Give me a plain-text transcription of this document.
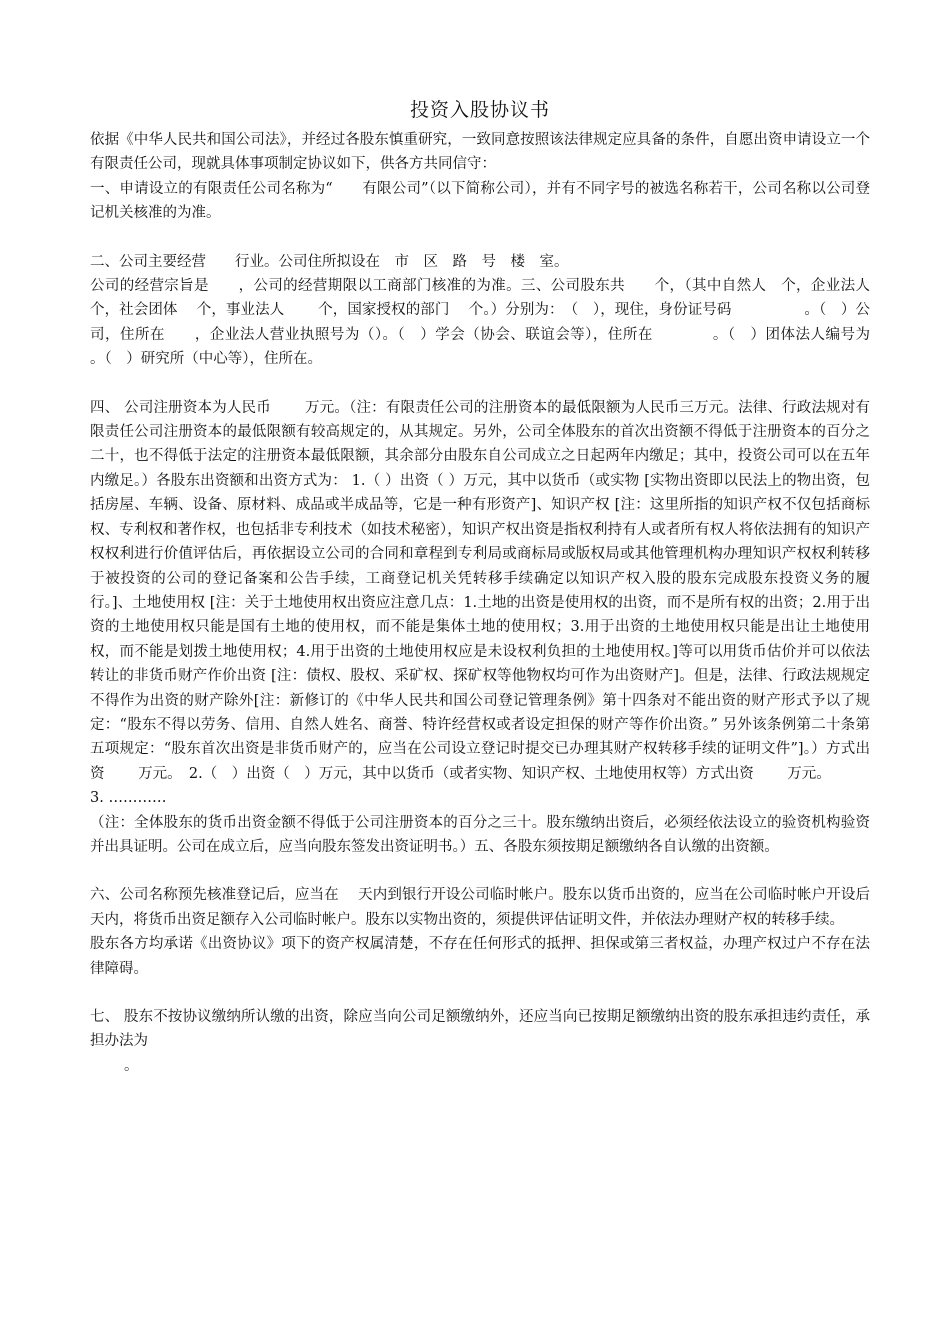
投资入股协议书

依据《中华人民共和国公司法》，并经过各股东慎重研究，一致同意按照该法律规定应具备的条件，自愿出资申请设立一个有限责任公司，现就具体事项制定协议如下，供各方共同信守：

一、申请设立的有限责任公司名称为“　　有限公司”（以下简称公司），并有不同字号的被选名称若干，公司名称以公司登记机关核准的为准。

二、公司主要经营　　行业。公司住所拟设在　市　区　路　号　楼　室。

公司的经营宗旨是　　，公司的经营期限以工商部门核准的为准。三、公司股东共　　个，（其中自然人　个，企业法人　 个，社会团体　 个，事业法人　　 个，国家授权的部门　 个。）分别为：　（　），现住，身份证号码　　　　　。（　）公司，住所在　　，企业法人营业执照号为（）。（　）学会（协会、联谊会等），住所在　　　　。（　）团体法人编号为　　　　　。（　）研究所（中心等），住所在。

四、 公司注册资本为人民币　　 万元。（注：有限责任公司的注册资本的最低限额为人民币三万元。法律、行政法规对有限责任公司注册资本的最低限额有较高规定的，从其规定。另外，公司全体股东的首次出资额不得低于注册资本的百分之二十，也不得低于法定的注册资本最低限额，其余部分由股东自公司成立之日起两年内缴足；其中，投资公司可以在五年内缴足。）各股东出资额和出资方式为： 1.（ ）出资（ ）万元，其中以货币（或实物 [实物出资即以民法上的物出资，包括房屋、车辆、设备、原材料、成品或半成品等，它是一种有形资产]、知识产权 [注：这里所指的知识产权不仅包括商标权、专利权和著作权，也包括非专利技术（如技术秘密），知识产权出资是指权利持有人或者所有权人将依法拥有的知识产权权利进行价值评估后，再依据设立公司的合同和章程到专利局或商标局或版权局或其他管理机构办理知识产权权利转移于被投资的公司的登记备案和公告手续，工商登记机关凭转移手续确定以知识产权入股的股东完成股东投资义务的履行。]、土地使用权 [注：关于土地使用权出资应注意几点：1.土地的出资是使用权的出资，而不是所有权的出资；2.用于出资的土地使用权只能是国有土地的使用权，而不能是集体土地的使用权；3.用于出资的土地使用权只能是出让土地使用权，而不能是划拨土地使用权；4.用于出资的土地使用权应是未设权利负担的土地使用权。]等可以用货币估价并可以依法转让的非货币财产作价出资 [注：债权、股权、采矿权、探矿权等他物权均可作为出资财产]。但是，法律、行政法规规定不得作为出资的财产除外[注：新修订的《中华人民共和国公司登记管理条例》第十四条对不能出资的财产形式予以了规定：“股东不得以劳务、信用、自然人姓名、商誉、特许经营权或者设定担保的财产等作价出资。” 另外该条例第二十条第五项规定：“股东首次出资是非货币财产的，应当在公司设立登记时提交已办理其财产权转移手续的证明文件”]。）方式出资　　 万元。　2.（　）出资（　）万元，其中以货币（或者实物、知识产权、土地使用权等）方式出资　　 万元。

3. …………

（注：全体股东的货币出资金额不得低于公司注册资本的百分之三十。股东缴纳出资后，必须经依法设立的验资机构验资并出具证明。公司在成立后，应当向股东签发出资证明书。）五、各股东须按期足额缴纳各自认缴的出资额。

六、公司名称预先核准登记后，应当在　 天内到银行开设公司临时帐户。股东以货币出资的，应当在公司临时帐户开设后　天内，将货币出资足额存入公司临时帐户。股东以实物出资的，须提供评估证明文件，并依法办理财产权的转移手续。

股东各方均承诺《出资协议》项下的资产权属清楚，不存在任何形式的抵押、担保或第三者权益，办理产权过户不存在法律障碍。

七、 股东不按协议缴纳所认缴的出资，除应当向公司足额缴纳外，还应当向已按期足额缴纳出资的股东承担违约责任，承担办法为

。
